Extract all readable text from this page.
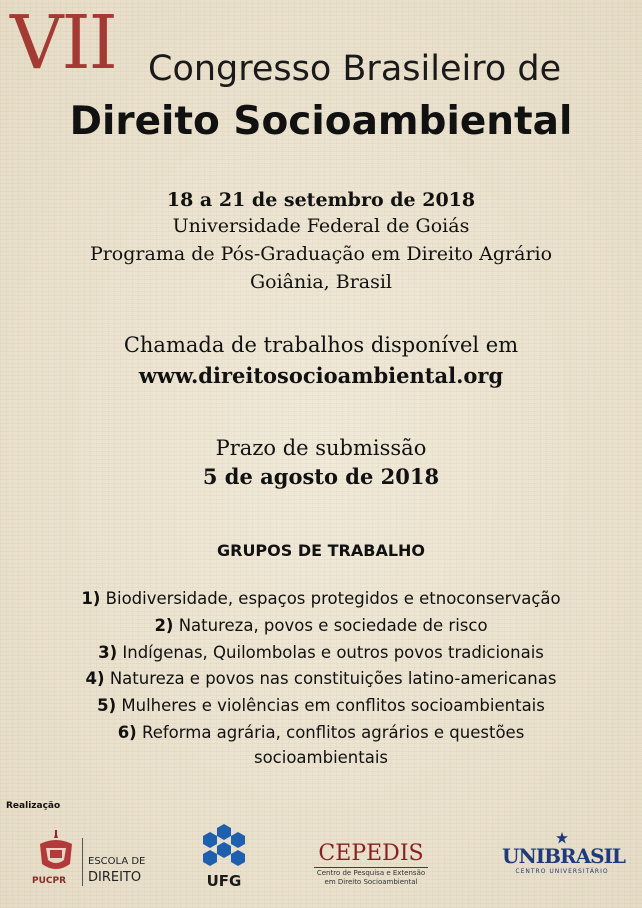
VII Congresso Brasileiro de
Direito Socioambiental
18 a 21 de setembro de 2018
Universidade Federal de Goiás
Programa de Pós-Graduação em Direito Agrário
Goiânia, Brasil
Chamada de trabalhos disponível em
www.direitosocioambiental.org
Prazo de submissão
5 de agosto de 2018
GRUPOS DE TRABALHO
1) Biodiversidade, espaços protegidos e etnoconservação
2) Natureza, povos e sociedade de risco
3) Indígenas, Quilombolas e outros povos tradicionais
4) Natureza e povos nas constituições latino-americanas
5) Mulheres e violências em conflitos socioambientais
6) Reforma agrária, conflitos agrários e questões
socioambientais
Realização
PUCPR
ESCOLA DE
DIREITO	UFG
CEPEDIS
Centro de Pesquisa e Extensão
em Direito Socioambiental
UNIBRASIL
CENTRO UNIVERSITÁRIO
